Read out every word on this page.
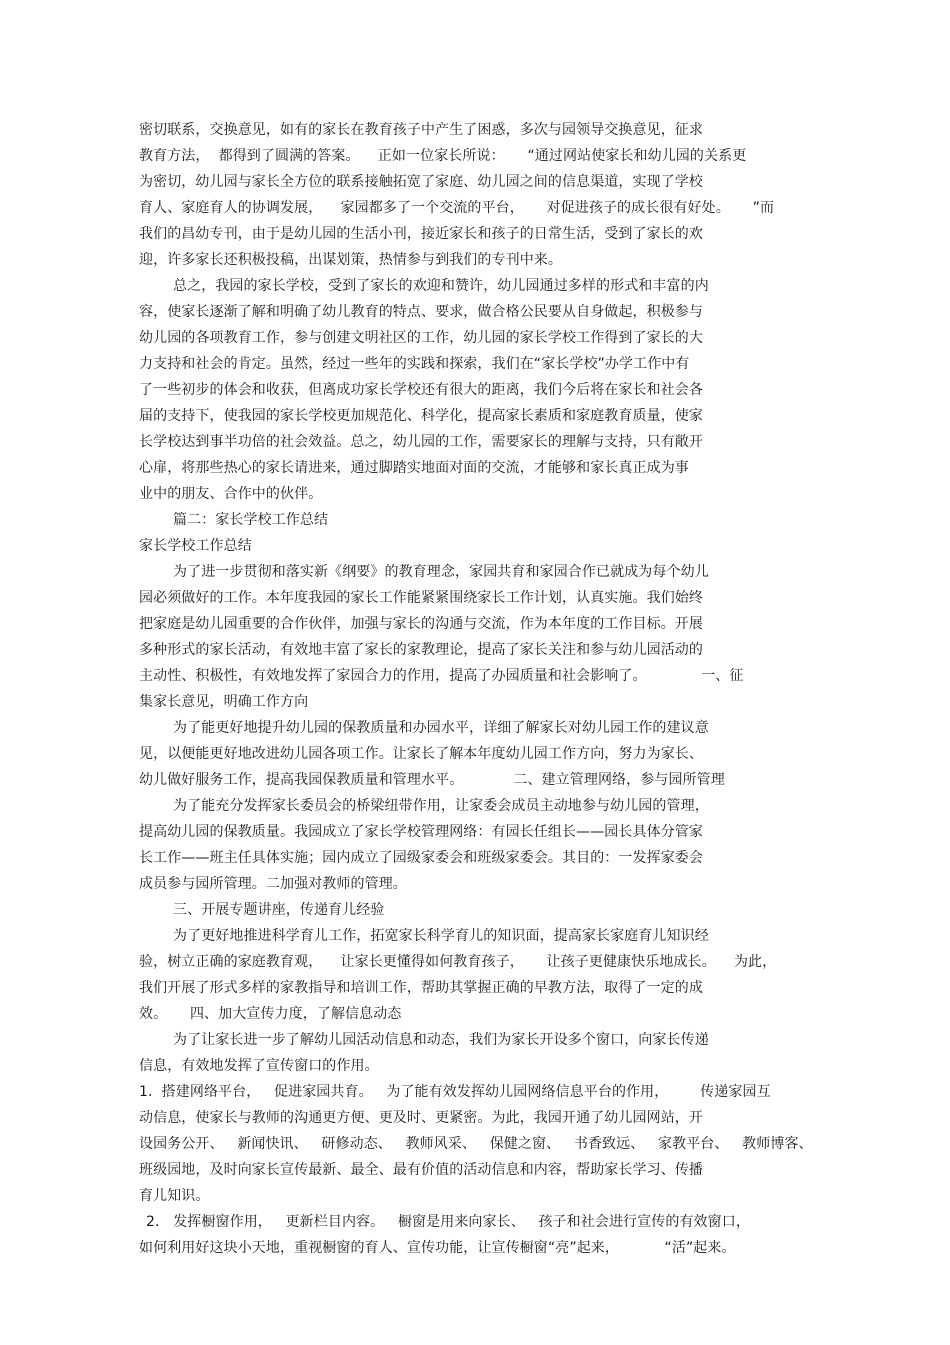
密切联系，交换意见，如有的家长在教育孩子中产生了困惑，多次与园领导交换意见，征求
教育方法，  都得到了圆满的答案。    正如一位家长所说：     “通过网站使家长和幼儿园的关系更
为密切，幼儿园与家长全方位的联系接触拓宽了家庭、幼儿园之间的信息渠道，实现了学校
育人、家庭育人的协调发展，    家园都多了一个交流的平台，     对促进孩子的成长很有好处。     ”而
我们的昌幼专刊，由于是幼儿园的生活小刊，接近家长和孩子的日常生活，受到了家长的欢
迎，许多家长还积极投稿，出谋划策，热情参与到我们的专刊中来。
总之，我园的家长学校，受到了家长的欢迎和赞许，幼儿园通过多样的形式和丰富的内
容，使家长逐渐了解和明确了幼儿教育的特点、要求，做合格公民要从自身做起，积极参与
幼儿园的各项教育工作，参与创建文明社区的工作，幼儿园的家长学校工作得到了家长的大
力支持和社会的肯定。虽然，经过一些年的实践和探索，我们在“家长学校”办学工作中有
了一些初步的体会和收获，但离成功家长学校还有很大的距离，我们今后将在家长和社会各
届的支持下，使我园的家长学校更加规范化、科学化，提高家长素质和家庭教育质量，使家
长学校达到事半功倍的社会效益。总之，幼儿园的工作，需要家长的理解与支持，只有敞开
心扉，将那些热心的家长请进来，通过脚踏实地面对面的交流，才能够和家长真正成为事
业中的朋友、合作中的伙伴。
篇二：家长学校工作总结
家长学校工作总结
为了进一步贯彻和落实新《纲要》的教育理念，家园共育和家园合作已就成为每个幼儿
园必须做好的工作。本年度我园的家长工作能紧紧围绕家长工作计划，认真实施。我们始终
把家庭是幼儿园重要的合作伙伴，加强与家长的沟通与交流，作为本年度的工作目标。开展
多种形式的家长活动，有效地丰富了家长的家教理论，提高了家长关注和参与幼儿园活动的
主动性、积极性，有效地发挥了家园合力的作用，提高了办园质量和社会影响了。            一、征
集家长意见，明确工作方向
为了能更好地提升幼儿园的保教质量和办园水平，详细了解家长对幼儿园工作的建议意
见，以便能更好地改进幼儿园各项工作。让家长了解本年度幼儿园工作方向，努力为家长、
幼儿做好服务工作，提高我园保教质量和管理水平。           二、建立管理网络，参与园所管理
为了能充分发挥家长委员会的桥梁纽带作用，让家委会成员主动地参与幼儿园的管理，
提高幼儿园的保教质量。我园成立了家长学校管理网络：有园长任组长——园长具体分管家
长工作——班主任具体实施；园内成立了园级家委会和班级家委会。其目的：一发挥家委会
成员参与园所管理。二加强对教师的管理。
三、开展专题讲座，传递育儿经验
为了更好地推进科学育儿工作，拓宽家长科学育儿的知识面，提高家长家庭育儿知识经
验，树立正确的家庭教育观，    让家长更懂得如何教育孩子，     让孩子更健康快乐地成长。    为此，
我们开展了形式多样的家教指导和培训工作，帮助其掌握正确的早教方法，取得了一定的成
效。     四、加大宣传力度，了解信息动态
为了让家长进一步了解幼儿园活动信息和动态，我们为家长开设多个窗口，向家长传递
信息，有效地发挥了宣传窗口的作用。
1.  搭建网络平台，   促进家园共育。   为了能有效发挥幼儿园网络信息平台的作用，       传递家园互
动信息，使家长与教师的沟通更方便、更及时、更紧密。为此，我园开通了幼儿园网站，开
设园务公开、   新闻快讯、   研修动态、   教师风采、   保健之窗、   书香致远、   家教平台、   教师博客、
班级园地，及时向家长宣传最新、最全、最有价值的活动信息和内容，帮助家长学习、传播
育儿知识。
2.   发挥橱窗作用，   更新栏目内容。   橱窗是用来向家长、   孩子和社会进行宣传的有效窗口，
如何利用好这块小天地，重视橱窗的育人、宣传功能，让宣传橱窗“亮”起来，          “活”起来。
